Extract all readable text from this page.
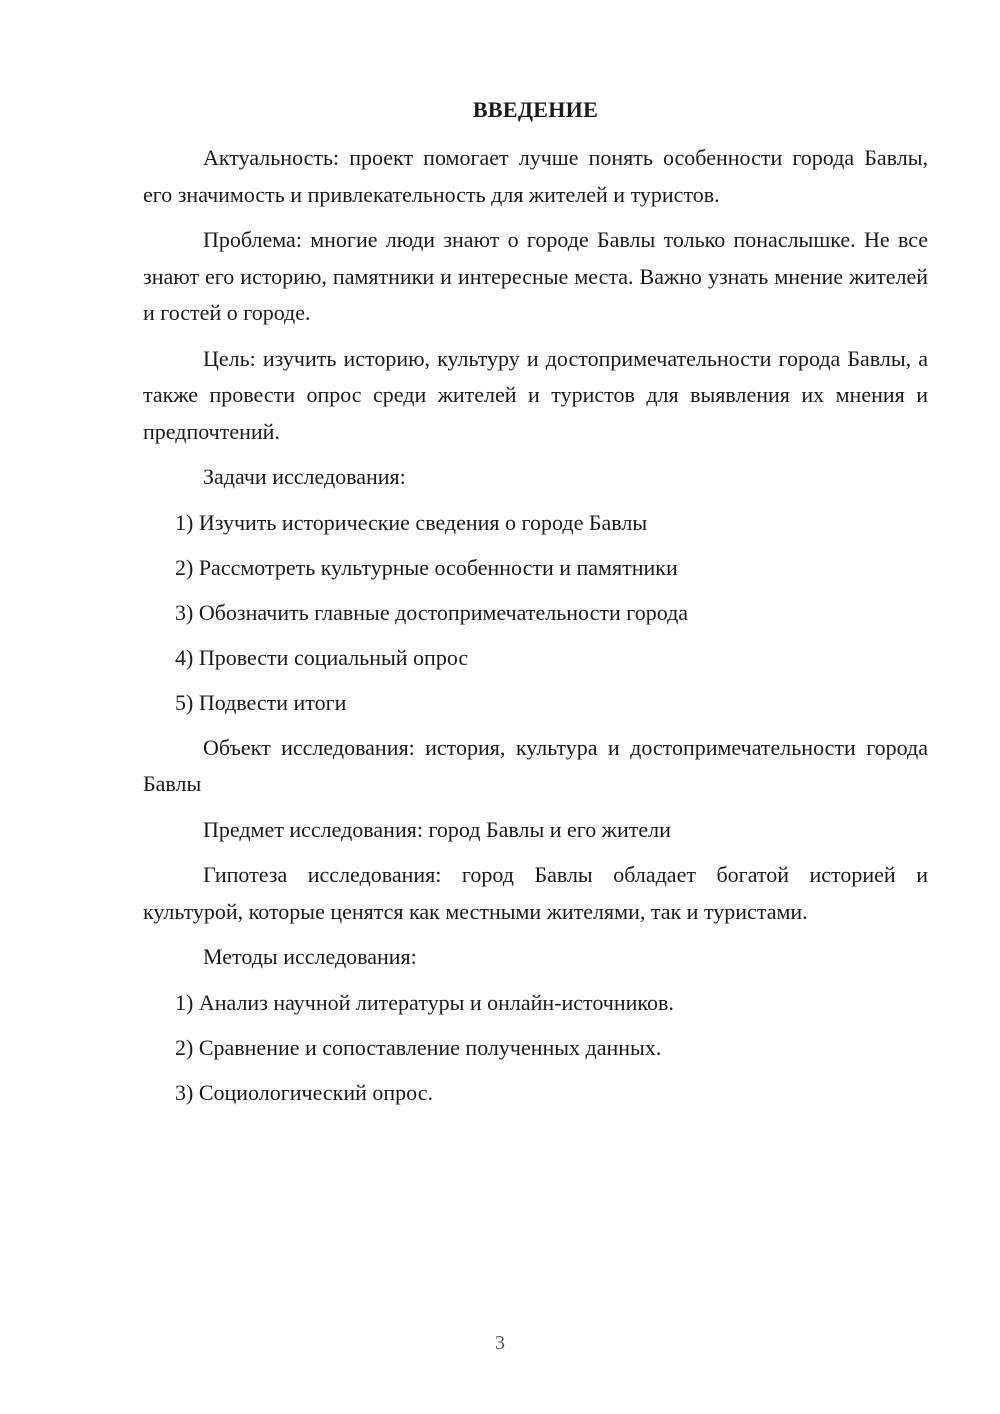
ВВЕДЕНИЕ

Актуальность: проект помогает лучше понять особенности города Бавлы, его значимость и привлекательность для жителей и туристов.

Проблема: многие люди знают о городе Бавлы только понаслышке. Не все знают его историю, памятники и интересные места. Важно узнать мнение жителей и гостей о городе.

Цель: изучить историю, культуру и достопримечательности города Бавлы, а также провести опрос среди жителей и туристов для выявления их мнения и предпочтений.

Задачи исследования:

1) Изучить исторические сведения о городе Бавлы
2) Рассмотреть культурные особенности и памятники
3) Обозначить главные достопримечательности города
4) Провести социальный опрос
5) Подвести итоги

Объект исследования: история, культура и достопримечательности города Бавлы

Предмет исследования: город Бавлы и его жители

Гипотеза исследования: город Бавлы обладает богатой историей и культурой, которые ценятся как местными жителями, так и туристами.

Методы исследования:

1) Анализ научной литературы и онлайн-источников.
2) Сравнение и сопоставление полученных данных.
3) Социологический опрос.
3
